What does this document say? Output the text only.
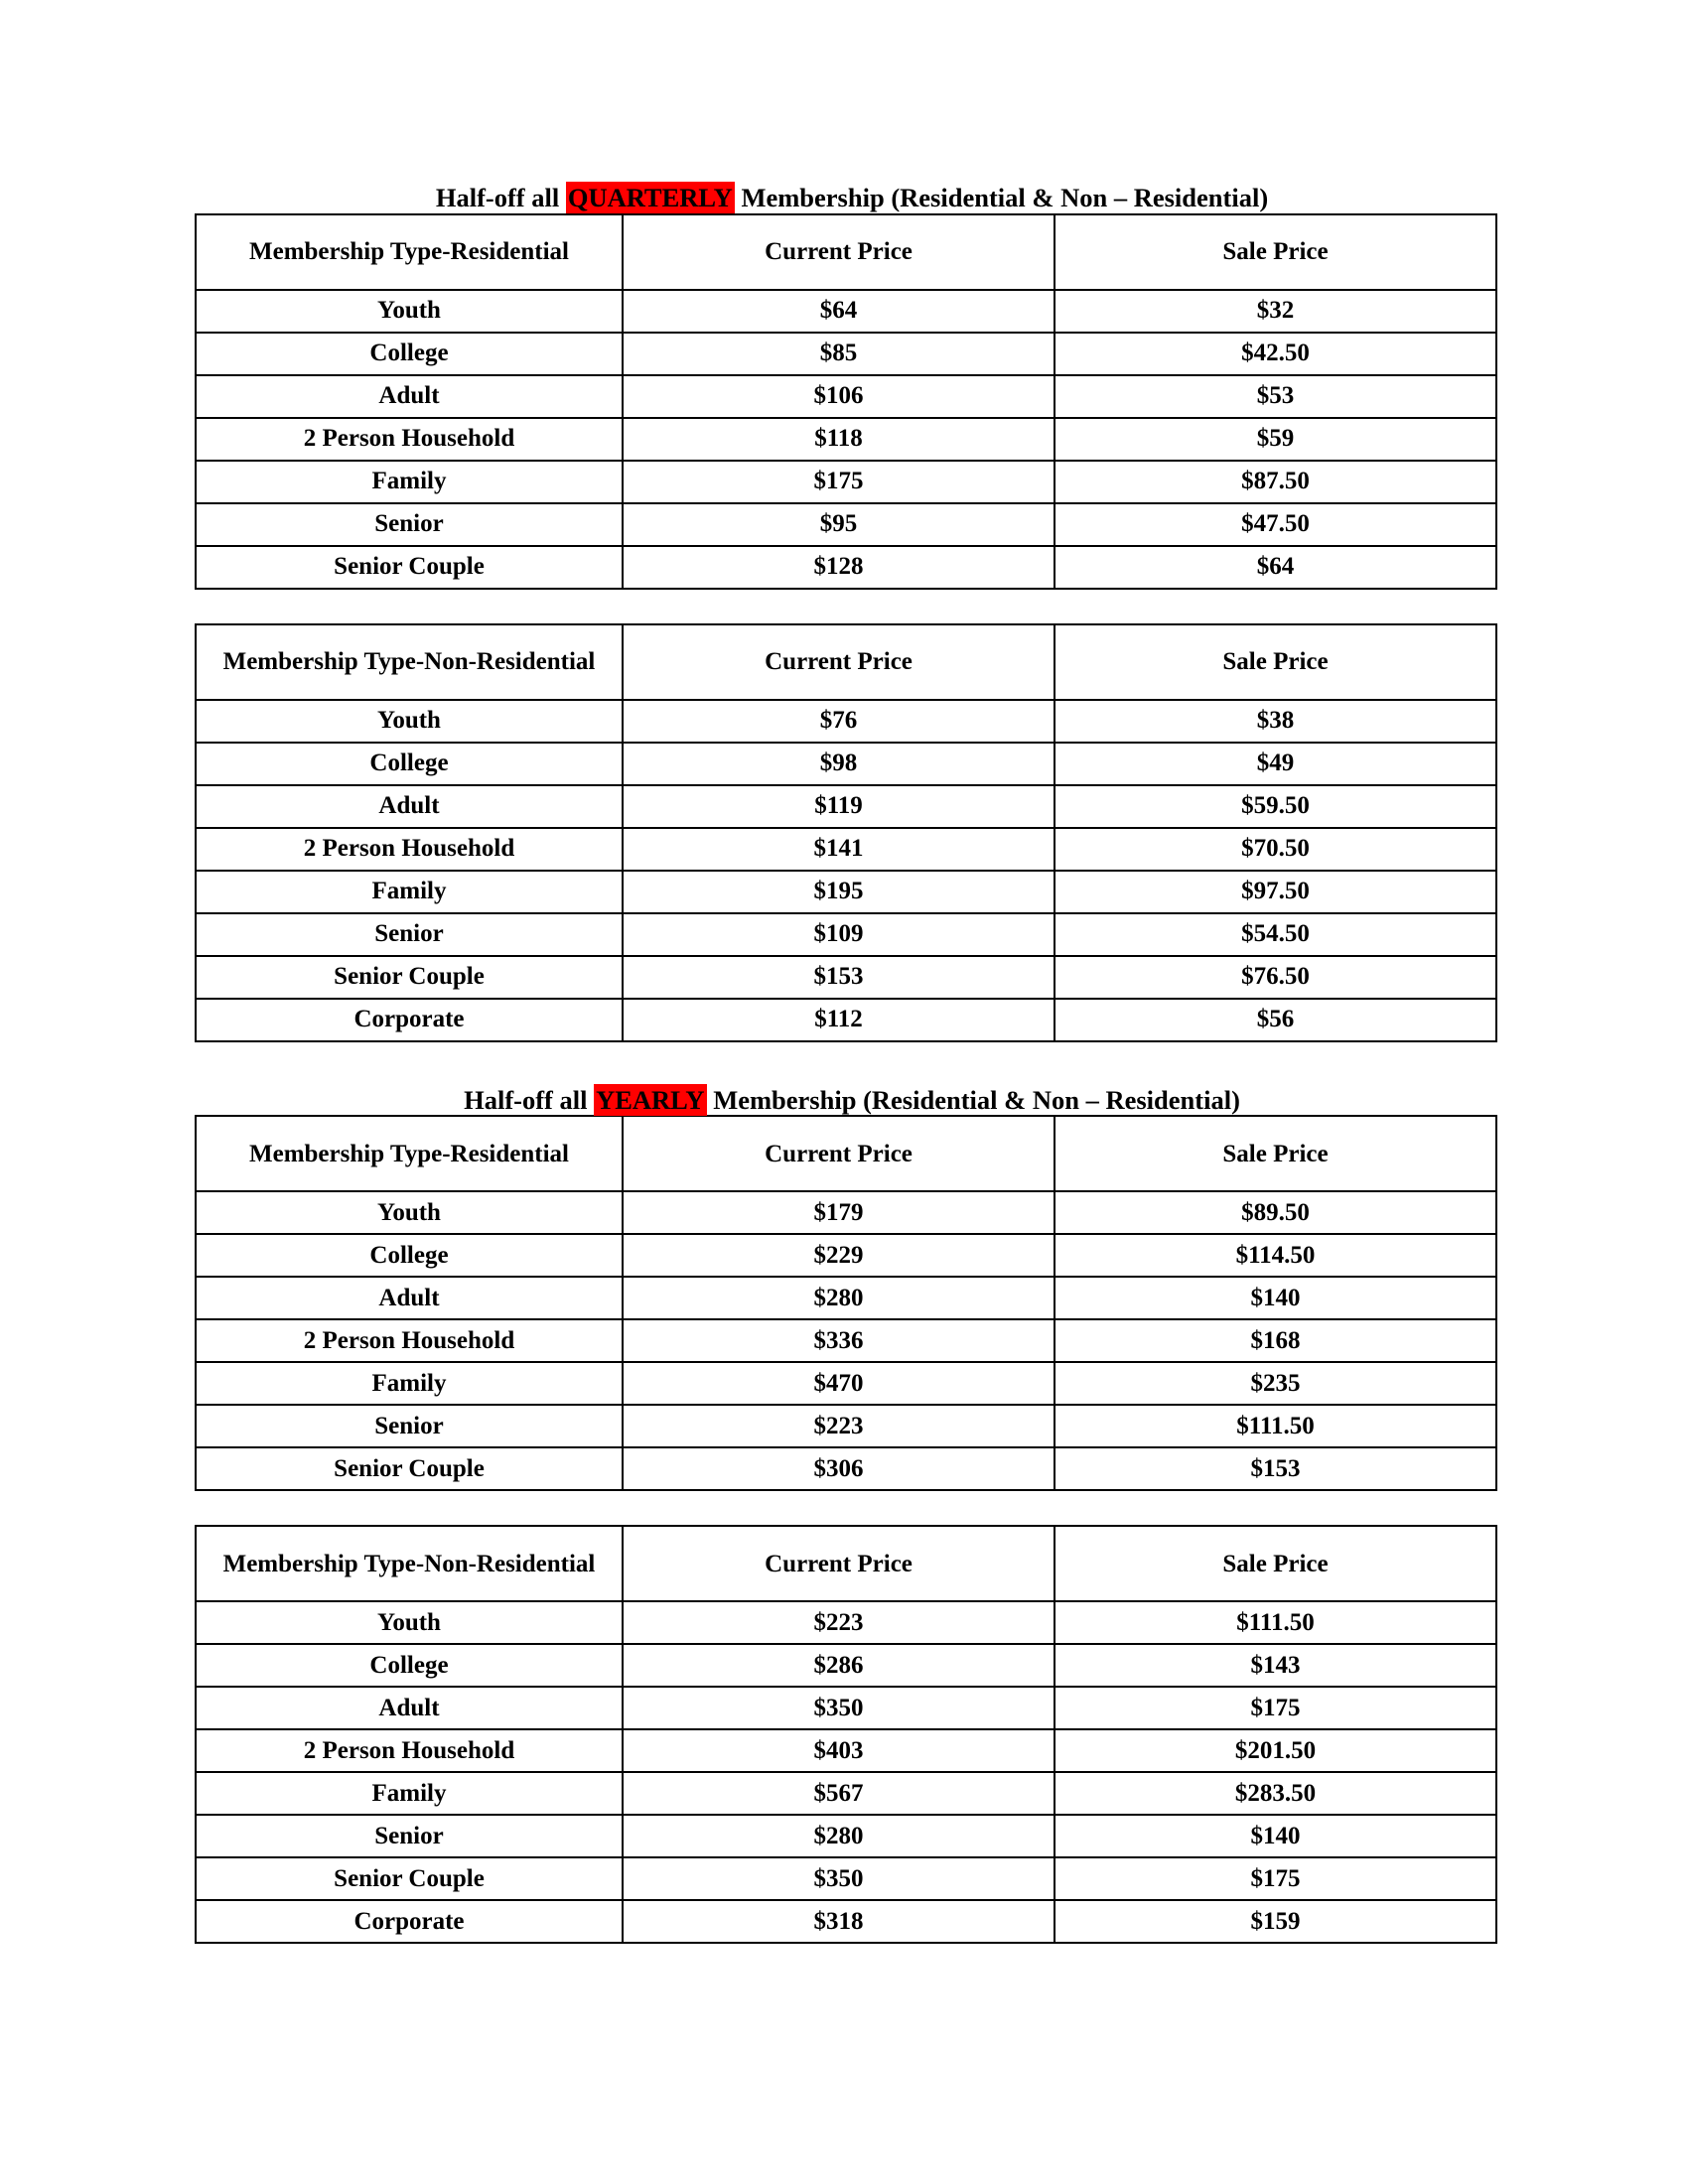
Half-off all QUARTERLY Membership (Residential & Non – Residential)
Membership Type-Residential	Current Price	Sale Price

Youth	$64	$32
College	$85	$42.50
Adult	$106	$53
2 Person Household	$118	$59
Family	$175	$87.50
Senior	$95	$47.50
Senior Couple	$128	$64
Membership Type-Non-Residential	Current Price	Sale Price

Youth	$76	$38
College	$98	$49
Adult	$119	$59.50
2 Person Household	$141	$70.50
Family	$195	$97.50
Senior	$109	$54.50
Senior Couple	$153	$76.50
Corporate	$112	$56
Half-off all YEARLY Membership (Residential & Non – Residential)
Membership Type-Residential	Current Price	Sale Price

Youth	$179	$89.50
College	$229	$114.50
Adult	$280	$140
2 Person Household	$336	$168
Family	$470	$235
Senior	$223	$111.50
Senior Couple	$306	$153
Membership Type-Non-Residential	Current Price	Sale Price

Youth	$223	$111.50
College	$286	$143
Adult	$350	$175
2 Person Household	$403	$201.50
Family	$567	$283.50
Senior	$280	$140
Senior Couple	$350	$175
Corporate	$318	$159
